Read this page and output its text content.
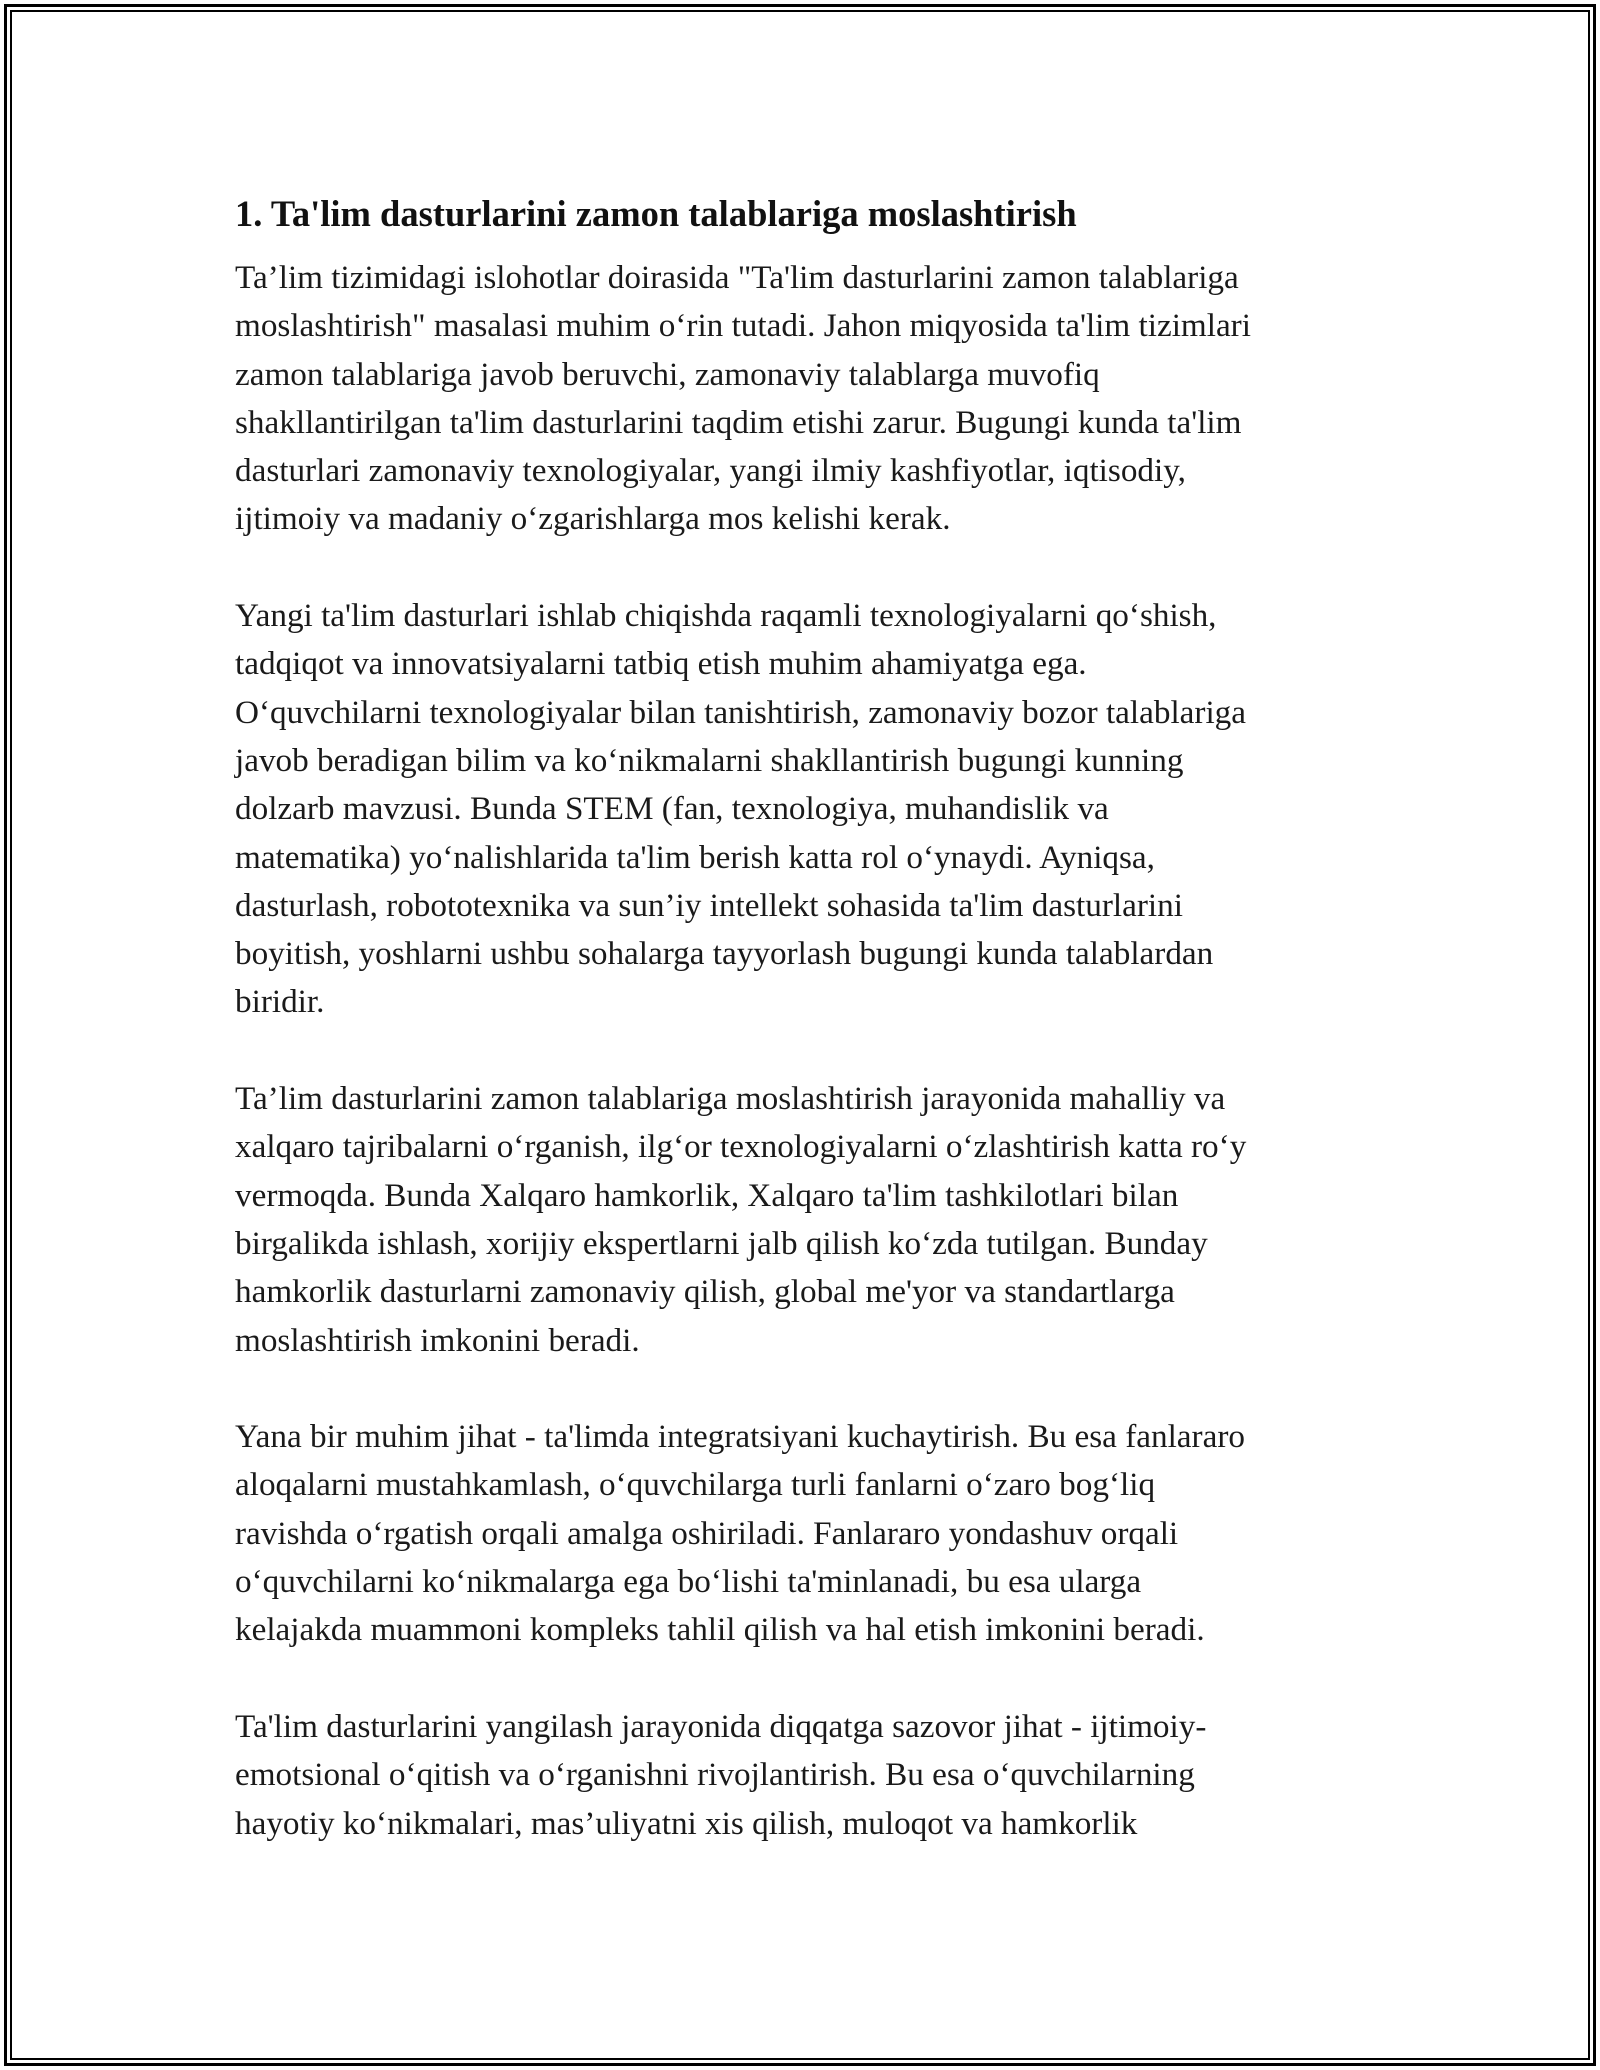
1. Ta'lim dasturlarini zamon talablariga moslashtirish

Ta’lim tizimidagi islohotlar doirasida "Ta'lim dasturlarini zamon talablariga
moslashtirish" masalasi muhim o‘rin tutadi. Jahon miqyosida ta'lim tizimlari
zamon talablariga javob beruvchi, zamonaviy talablarga muvofiq
shakllantirilgan ta'lim dasturlarini taqdim etishi zarur. Bugungi kunda ta'lim
dasturlari zamonaviy texnologiyalar, yangi ilmiy kashfiyotlar, iqtisodiy,
ijtimoiy va madaniy o‘zgarishlarga mos kelishi kerak.

Yangi ta'lim dasturlari ishlab chiqishda raqamli texnologiyalarni qo‘shish,
tadqiqot va innovatsiyalarni tatbiq etish muhim ahamiyatga ega.
O‘quvchilarni texnologiyalar bilan tanishtirish, zamonaviy bozor talablariga
javob beradigan bilim va ko‘nikmalarni shakllantirish bugungi kunning
dolzarb mavzusi. Bunda STEM (fan, texnologiya, muhandislik va
matematika) yo‘nalishlarida ta'lim berish katta rol o‘ynaydi. Ayniqsa,
dasturlash, robototexnika va sun’iy intellekt sohasida ta'lim dasturlarini
boyitish, yoshlarni ushbu sohalarga tayyorlash bugungi kunda talablardan
biridir.

Ta’lim dasturlarini zamon talablariga moslashtirish jarayonida mahalliy va
xalqaro tajribalarni o‘rganish, ilg‘or texnologiyalarni o‘zlashtirish katta ro‘y
vermoqda. Bunda Xalqaro hamkorlik, Xalqaro ta'lim tashkilotlari bilan
birgalikda ishlash, xorijiy ekspertlarni jalb qilish ko‘zda tutilgan. Bunday
hamkorlik dasturlarni zamonaviy qilish, global me'yor va standartlarga
moslashtirish imkonini beradi.

Yana bir muhim jihat - ta'limda integratsiyani kuchaytirish. Bu esa fanlararo
aloqalarni mustahkamlash, o‘quvchilarga turli fanlarni o‘zaro bog‘liq
ravishda o‘rgatish orqali amalga oshiriladi. Fanlararo yondashuv orqali
o‘quvchilarni ko‘nikmalarga ega bo‘lishi ta'minlanadi, bu esa ularga
kelajakda muammoni kompleks tahlil qilish va hal etish imkonini beradi.

Ta'lim dasturlarini yangilash jarayonida diqqatga sazovor jihat - ijtimoiy-
emotsional o‘qitish va o‘rganishni rivojlantirish. Bu esa o‘quvchilarning
hayotiy ko‘nikmalari, mas’uliyatni xis qilish, muloqot va hamkorlik
